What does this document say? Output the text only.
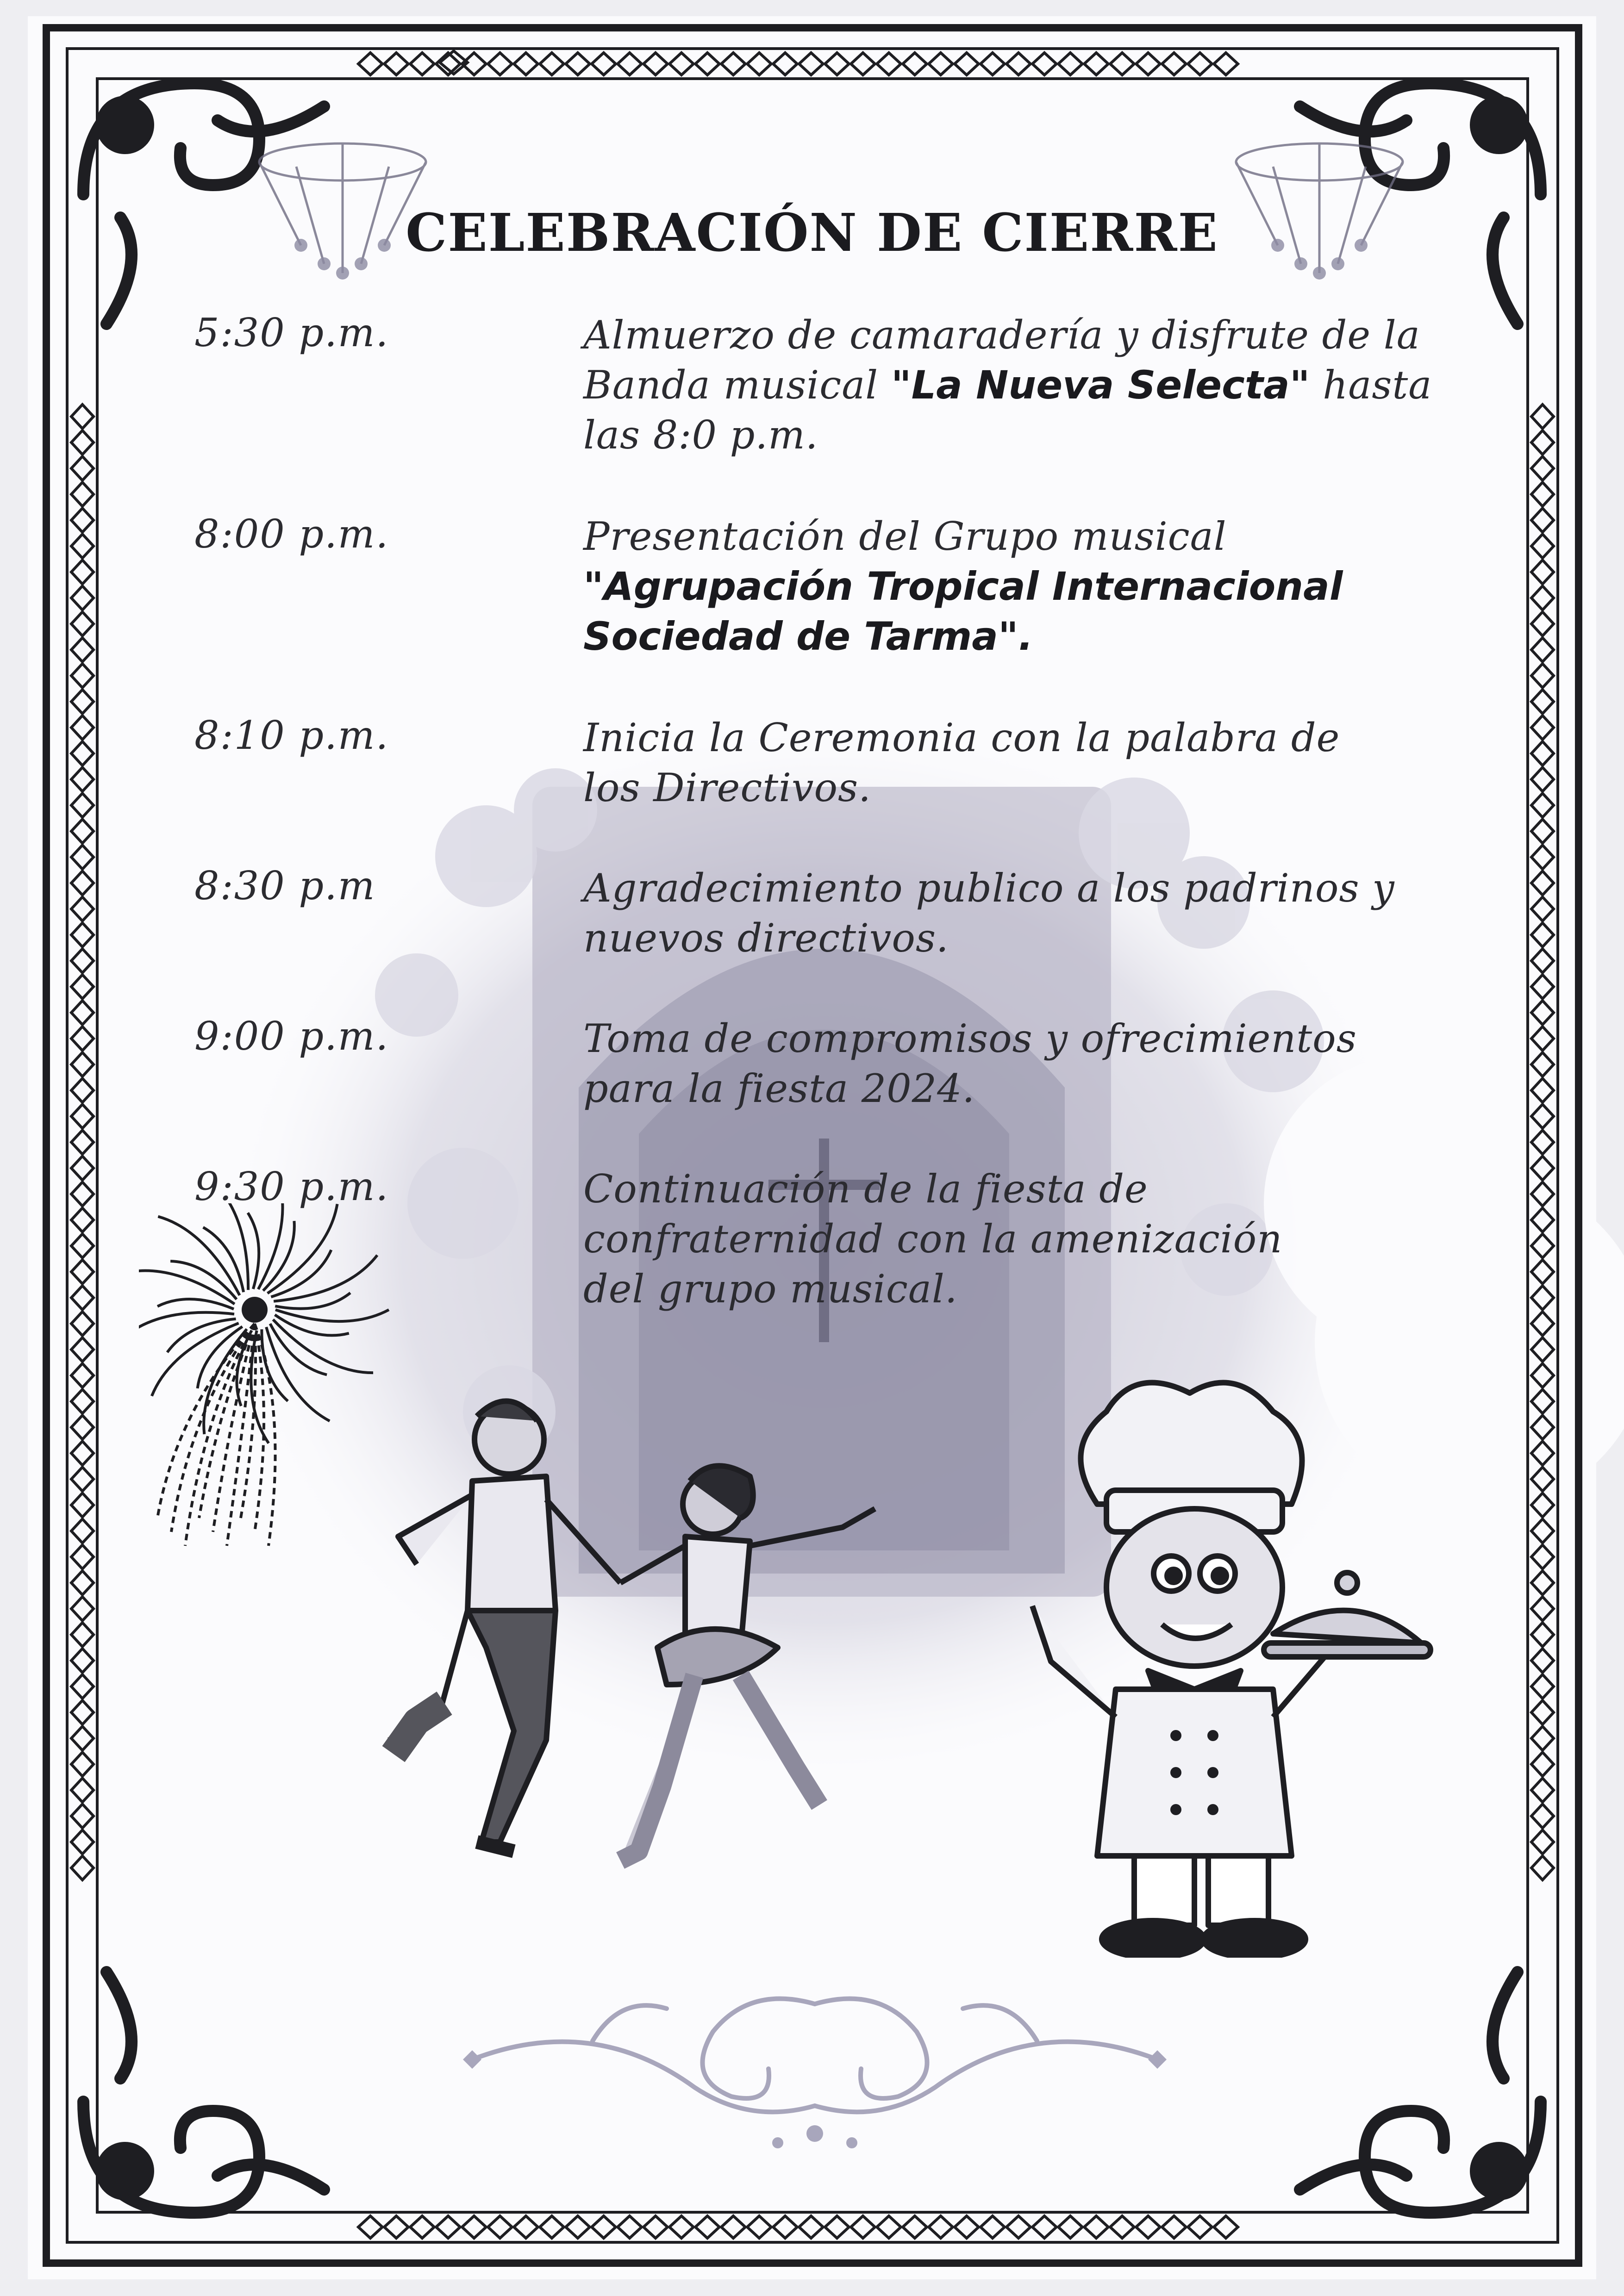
CELEBRACIÓN DE CIERRE
5:30 p.m.	Almuerzo de camaradería y disfrute de la
Banda musical "La Nueva Selecta" hasta
las 8:0 p.m.
8:00 p.m.	Presentación del Grupo musical
"Agrupación Tropical Internacional
Sociedad de Tarma".
8:10 p.m.	Inicia la Ceremonia con la palabra de
los Directivos.
8:30 p.m	Agradecimiento publico a los padrinos y
nuevos directivos.
9:00 p.m.	Toma de compromisos y ofrecimientos
para la fiesta 2024.
9:30 p.m.	Continuación de la fiesta de
confraternidad con la amenización
del grupo musical.
